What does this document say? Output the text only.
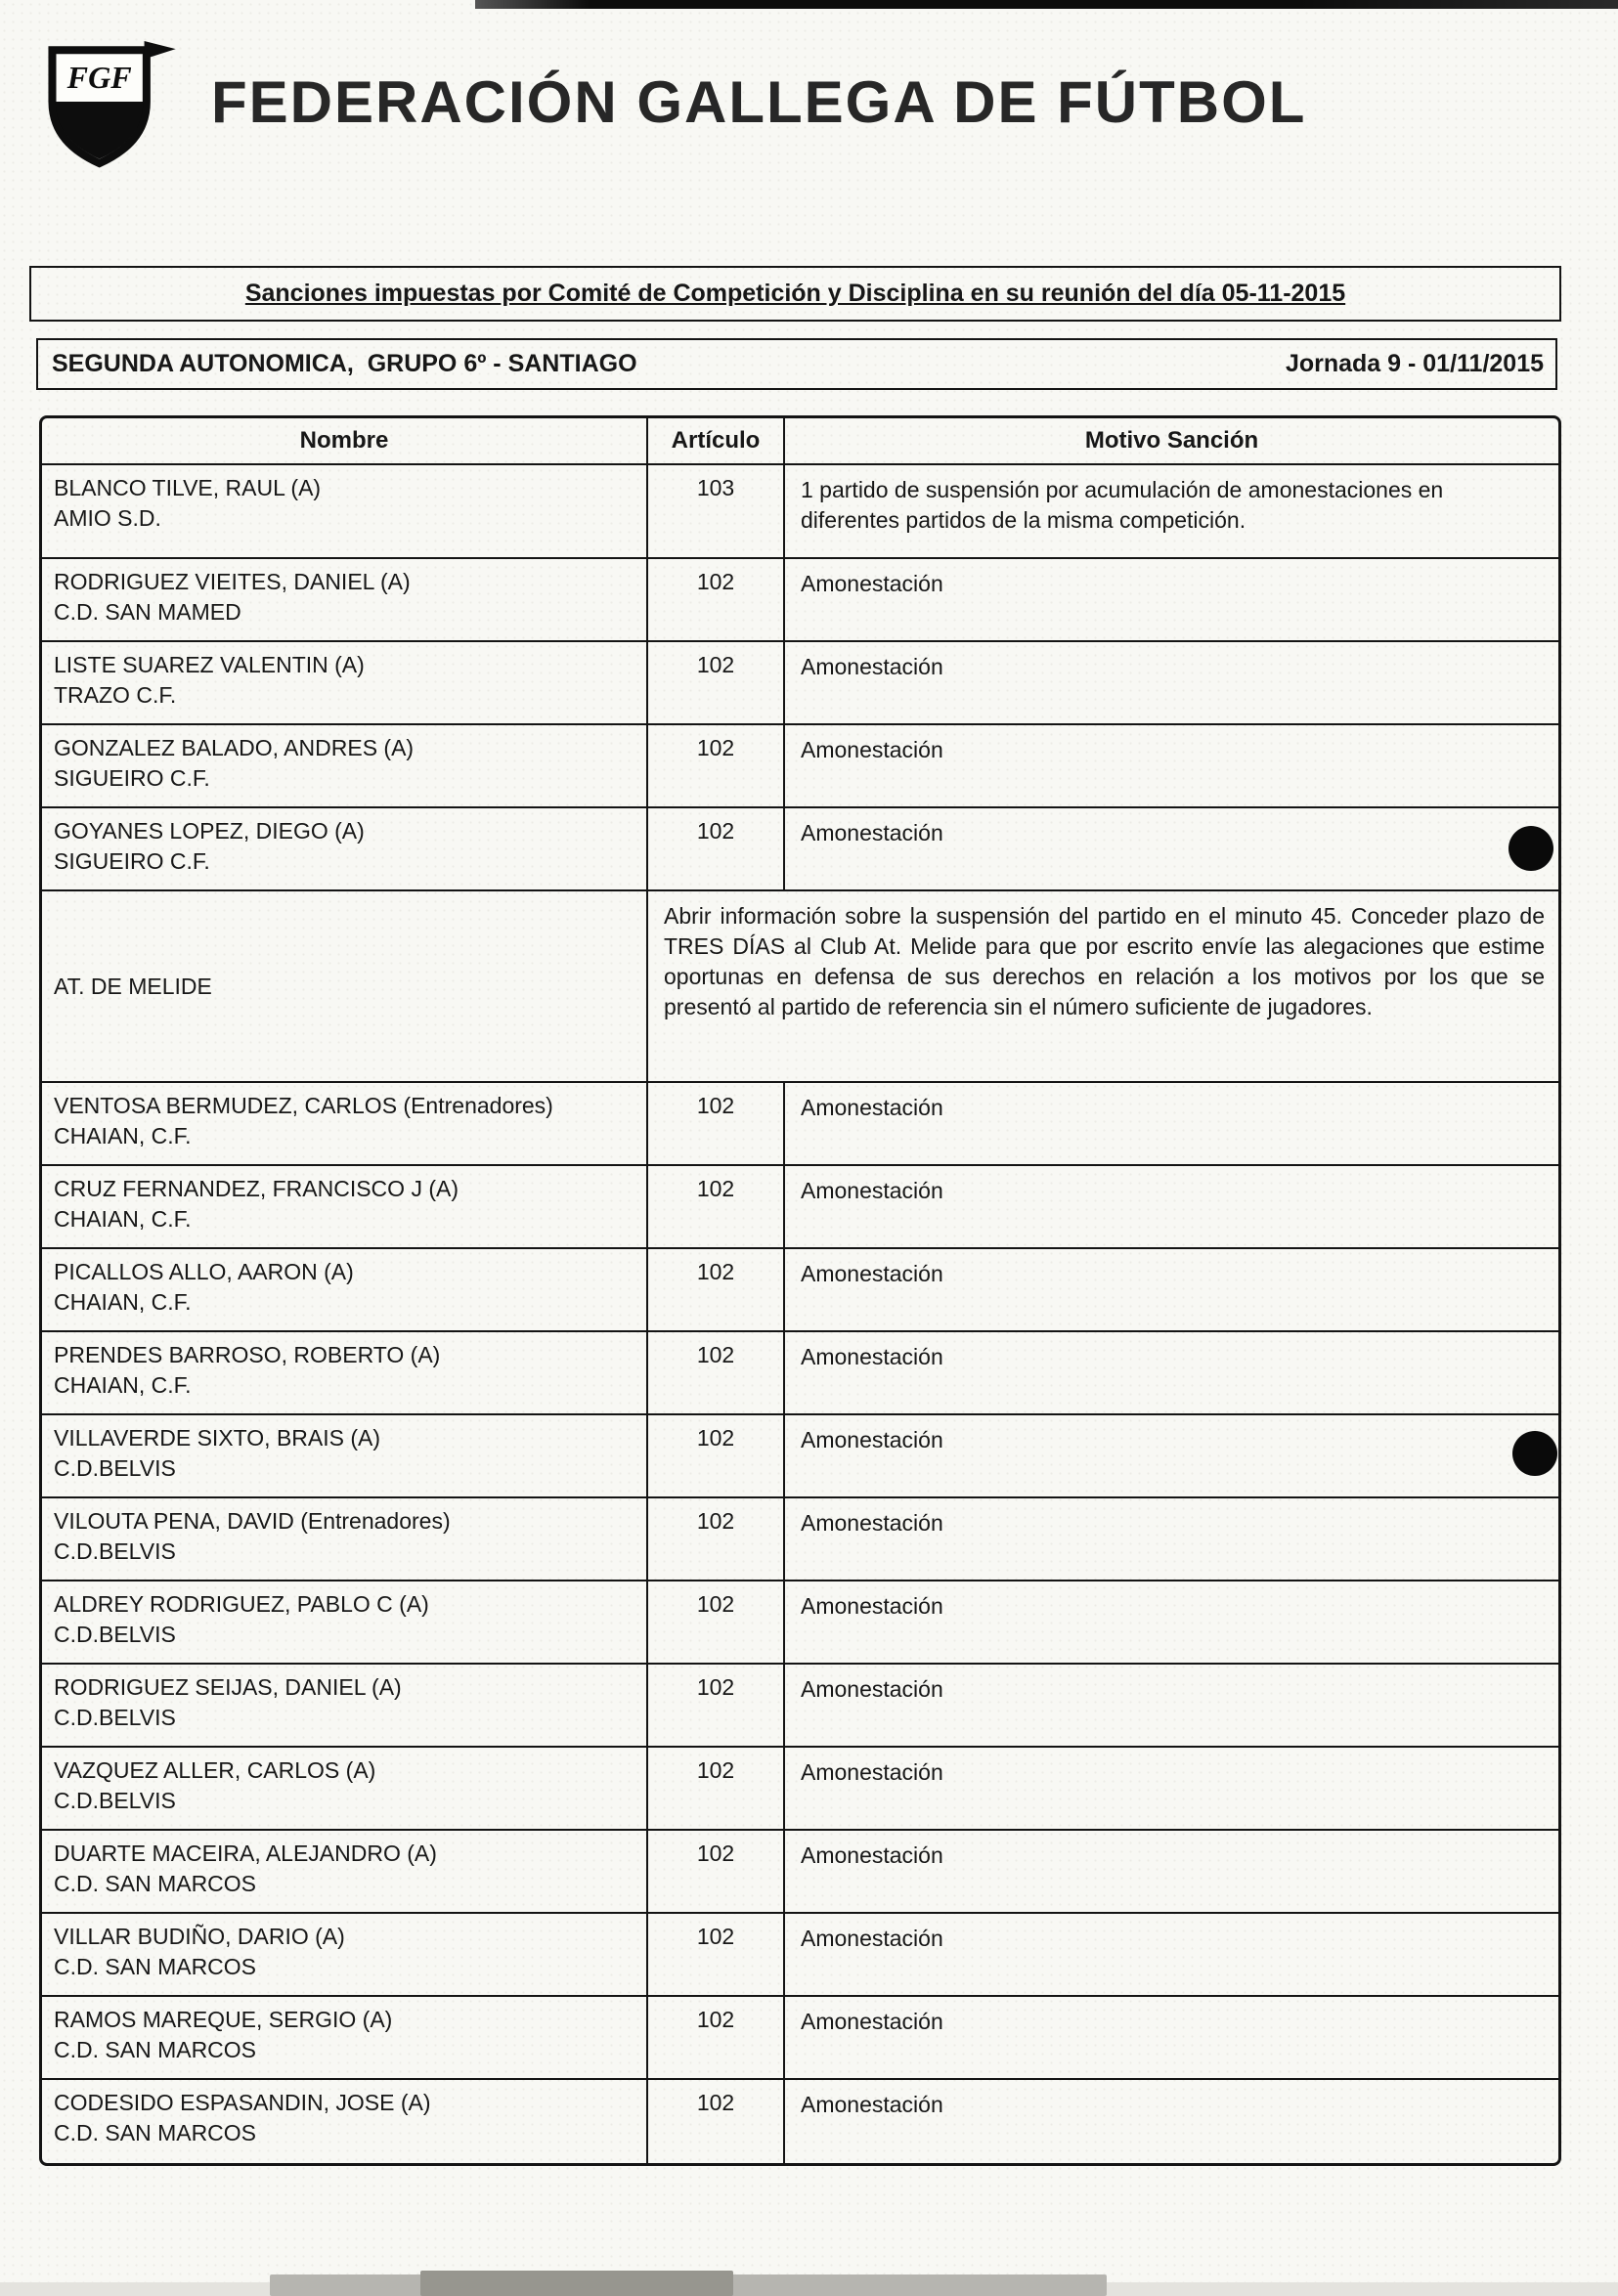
FGF FEDERACIÓN GALLEGA DE FÚTBOL
Sanciones impuestas por Comité de Competición y Disciplina en su reunión del día 05-11-2015
SEGUNDA AUTONOMICA,  GRUPO 6º - SANTIAGO	Jornada 9 - 01/11/2015
Nombre	Artículo	Motivo Sanción
BLANCO TILVE, RAUL (A)
AMIO S.D.
103	1 partido de suspensión por acumulación de amonestaciones en diferentes partidos de la misma competición.
RODRIGUEZ VIEITES, DANIEL (A)
C.D. SAN MAMED
102	Amonestación
LISTE SUAREZ VALENTIN (A)
TRAZO C.F.
102	Amonestación
GONZALEZ BALADO, ANDRES (A)
SIGUEIRO C.F.
102	Amonestación
GOYANES LOPEZ, DIEGO (A)
SIGUEIRO C.F.
102	Amonestación
AT. DE MELIDE
Abrir información sobre la suspensión del partido en el minuto 45. Conceder plazo de TRES DÍAS al Club At. Melide para que por escrito envíe las alegaciones que estime oportunas en defensa de sus derechos en relación a los motivos por los que se presentó al partido de referencia sin el número suficiente de jugadores.
VENTOSA BERMUDEZ, CARLOS (Entrenadores)
CHAIAN, C.F.
102	Amonestación
CRUZ FERNANDEZ, FRANCISCO J (A)
CHAIAN, C.F.
102	Amonestación
PICALLOS ALLO, AARON (A)
CHAIAN, C.F.
102	Amonestación
PRENDES BARROSO, ROBERTO (A)
CHAIAN, C.F.
102	Amonestación
VILLAVERDE SIXTO, BRAIS (A)
C.D.BELVIS
102	Amonestación
VILOUTA PENA, DAVID (Entrenadores)
C.D.BELVIS
102	Amonestación
ALDREY RODRIGUEZ, PABLO C (A)
C.D.BELVIS
102	Amonestación
RODRIGUEZ SEIJAS, DANIEL (A)
C.D.BELVIS
102	Amonestación
VAZQUEZ ALLER, CARLOS (A)
C.D.BELVIS
102	Amonestación
DUARTE MACEIRA, ALEJANDRO (A)
C.D. SAN MARCOS
102	Amonestación
VILLAR BUDIÑO, DARIO (A)
C.D. SAN MARCOS
102	Amonestación
RAMOS MAREQUE, SERGIO (A)
C.D. SAN MARCOS
102	Amonestación
CODESIDO ESPASANDIN, JOSE (A)
C.D. SAN MARCOS
102	Amonestación
